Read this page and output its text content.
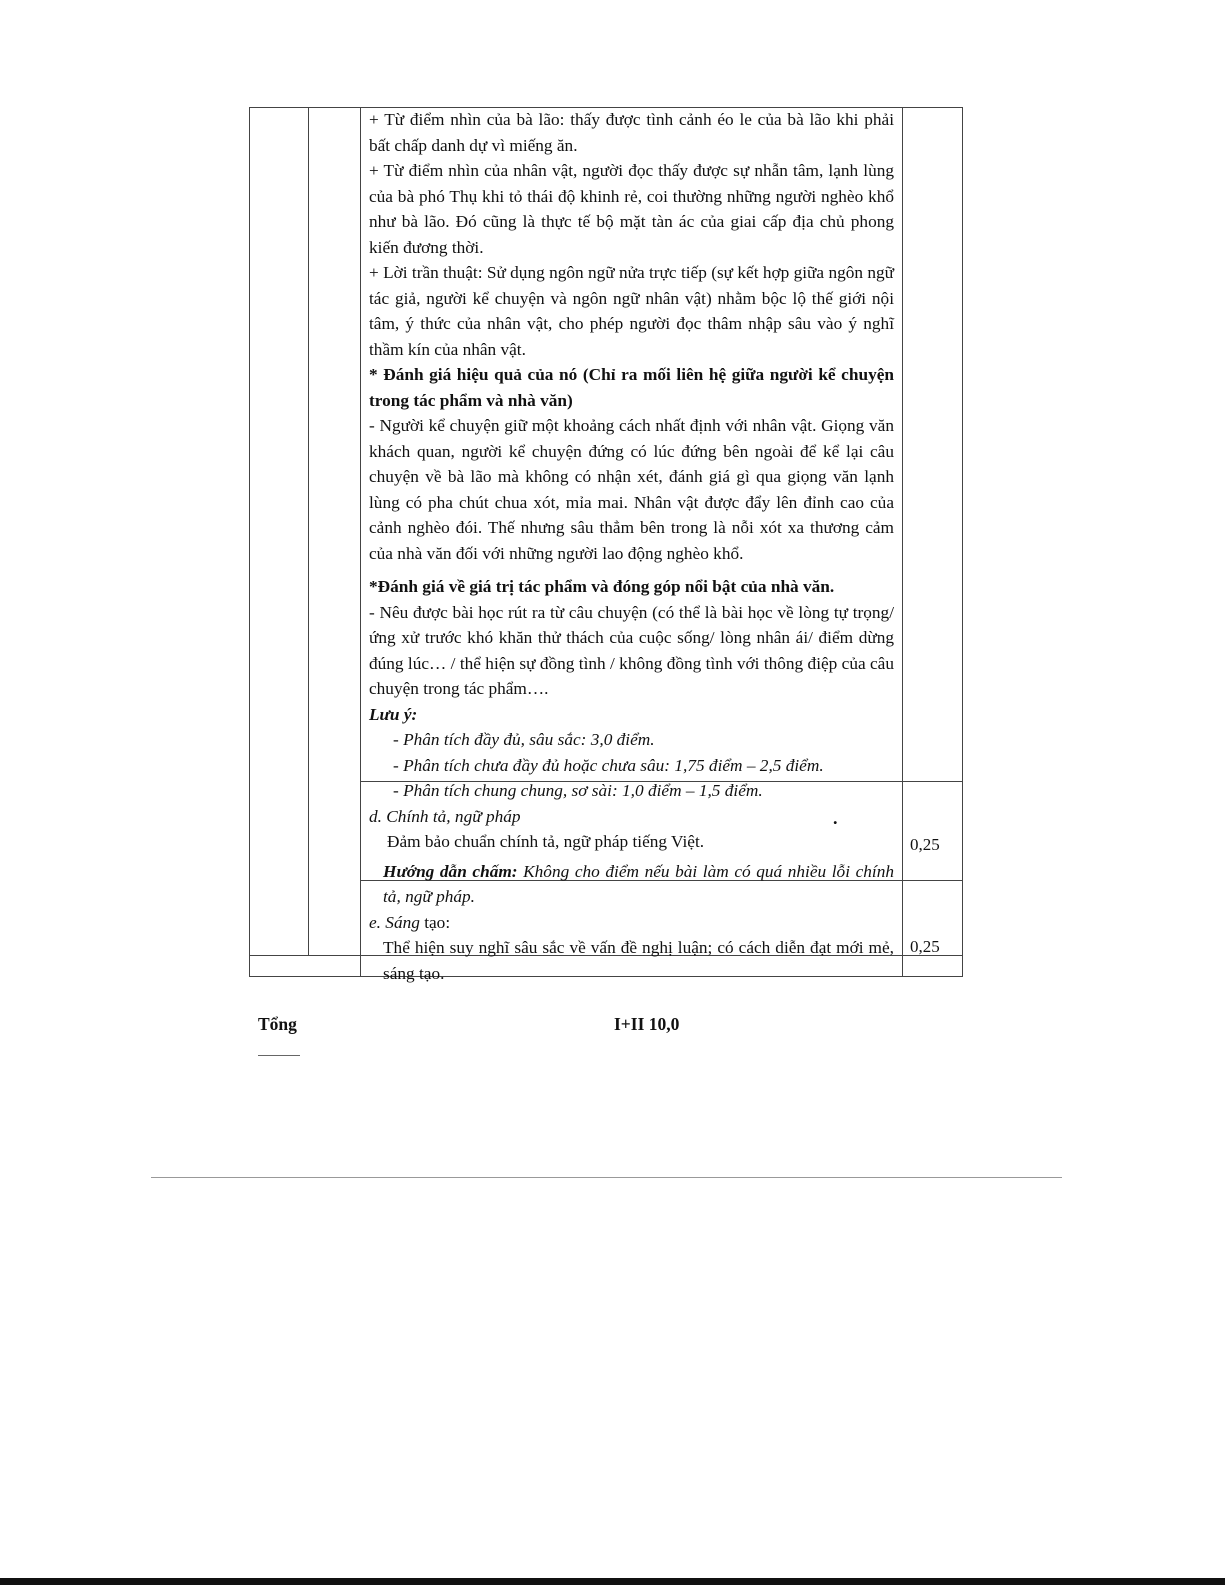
+ Từ điểm nhìn của bà lão: thấy được tình cảnh éo le của bà lão khi phải bất chấp danh dự vì miếng ăn.

+ Từ điểm nhìn của nhân vật, người đọc thấy được sự nhẫn tâm, lạnh lùng của bà phó Thụ khi tỏ thái độ khinh rẻ, coi thường những người nghèo khổ như bà lão. Đó cũng là thực tế bộ mặt tàn ác của giai cấp địa chủ phong kiến đương thời.

+ Lời trần thuật: Sử dụng ngôn ngữ nửa trực tiếp (sự kết hợp giữa ngôn ngữ tác giả, người kể chuyện và ngôn ngữ nhân vật) nhằm bộc lộ thế giới nội tâm, ý thức của nhân vật, cho phép người đọc thâm nhập sâu vào ý nghĩ thầm kín của nhân vật.

* Đánh giá hiệu quả của nó (Chỉ ra mối liên hệ giữa người kể chuyện trong tác phẩm và nhà văn)

- Người kể chuyện giữ một khoảng cách nhất định với nhân vật. Giọng văn khách quan, người kể chuyện đứng có lúc đứng bên ngoài để kể lại câu chuyện về bà lão mà không có nhận xét, đánh giá gì qua giọng văn lạnh lùng có pha chút chua xót, mỉa mai. Nhân vật được đẩy lên đỉnh cao của cảnh nghèo đói. Thế nhưng sâu thẳm bên trong là nỗi xót xa thương cảm của nhà văn đối với những người lao động nghèo khổ.

*Đánh giá về giá trị tác phẩm và đóng góp nổi bật của nhà văn.

- Nêu được bài học rút ra từ câu chuyện (có thể là bài học về lòng tự trọng/ ứng xử trước khó khăn thử thách của cuộc sống/ lòng nhân ái/ điểm dừng đúng lúc… / thể hiện sự đồng tình / không đồng tình với thông điệp của câu chuyện trong tác phẩm….

Lưu ý:

- Phân tích đầy đủ, sâu sắc: 3,0 điểm.

- Phân tích chưa đầy đủ hoặc chưa sâu: 1,75 điểm – 2,5 điểm.

- Phân tích chung chung, sơ sài: 1,0 điểm – 1,5 điểm.

d. Chính tả, ngữ pháp

Đảm bảo chuẩn chính tả, ngữ pháp tiếng Việt.

Hướng dẫn chấm: Không cho điểm nếu bài làm có quá nhiều lỗi chính tả, ngữ pháp.

e. Sáng tạo:

Thể hiện suy nghĩ sâu sắc về vấn đề nghị luận; có cách diễn đạt mới mẻ, sáng tạo.

.
0,25
0,25
Tổng	I+II 10,0
